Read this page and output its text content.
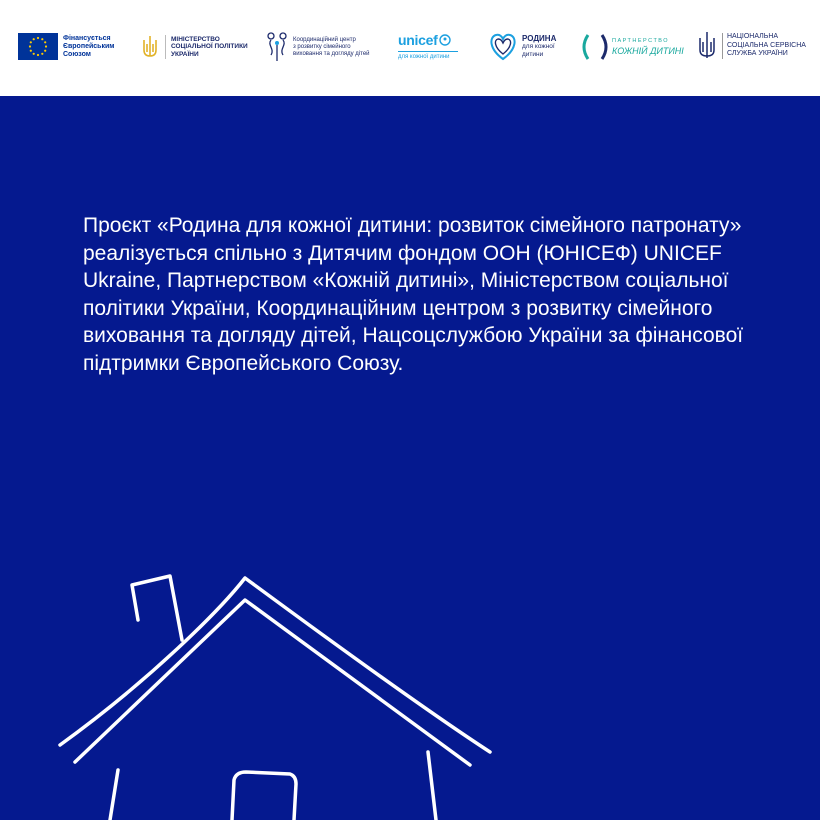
Фінансується
Європейським
Союзом
МІНІСТЕРСТВО
СОЦІАЛЬНОЇ ПОЛІТИКИ
УКРАЇНИ
Координаційний центр
з розвитку сімейного
виховання та догляду дітей
unicef
для кожної дитини
РОДИНА
для кожної
дитини
ПАРТНЕРСТВО
КОЖНІЙ ДИТИНІ
НАЦІОНАЛЬНА
СОЦІАЛЬНА СЕРВІСНА
СЛУЖБА УКРАЇНИ

Проєкт «Родина для кожної дитини: розвиток сімейного патронату» реалізується спільно з Дитячим фондом ООН (ЮНІСЕФ) UNICEF Ukraine, Партнерством «Кожній дитині», Міністерством соціальної політики України, Координаційним центром з розвитку сімейного виховання та догляду дітей, Нацсоцслужбою України за фінансової підтримки Європейського Союзу.
